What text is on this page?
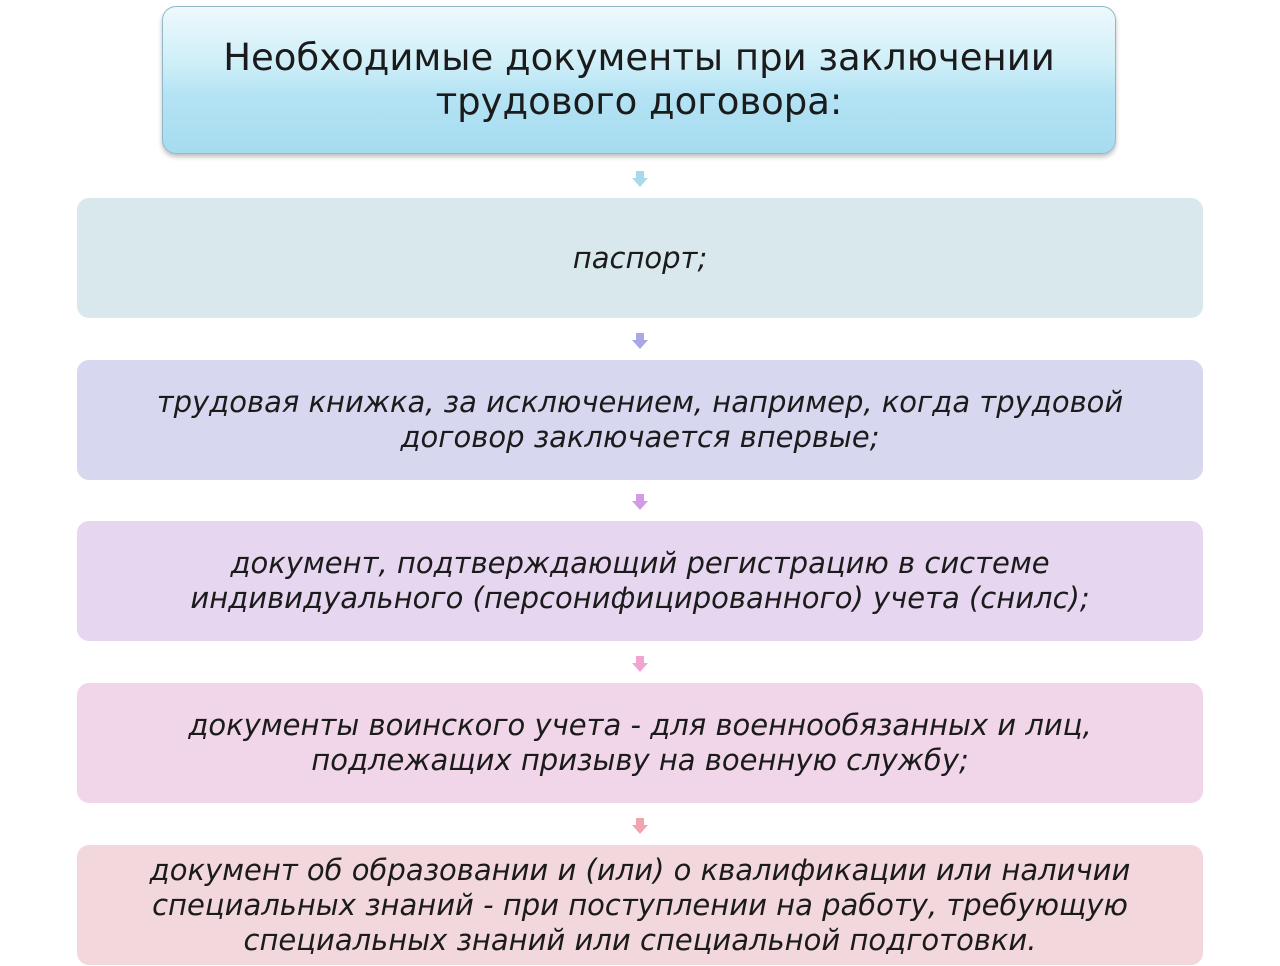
Необходимые документы при заключении трудового договора:
паспорт;
трудовая книжка, за исключением, например, когда трудовой договор заключается впервые;
документ, подтверждающий регистрацию в системе индивидуального (персонифицированного) учета (снилс);
документы воинского учета - для военнообязанных и лиц, подлежащих призыву на военную службу;
документ об образовании и (или) о квалификации или наличии специальных знаний - при поступлении на работу, требующую специальных знаний или специальной подготовки.
